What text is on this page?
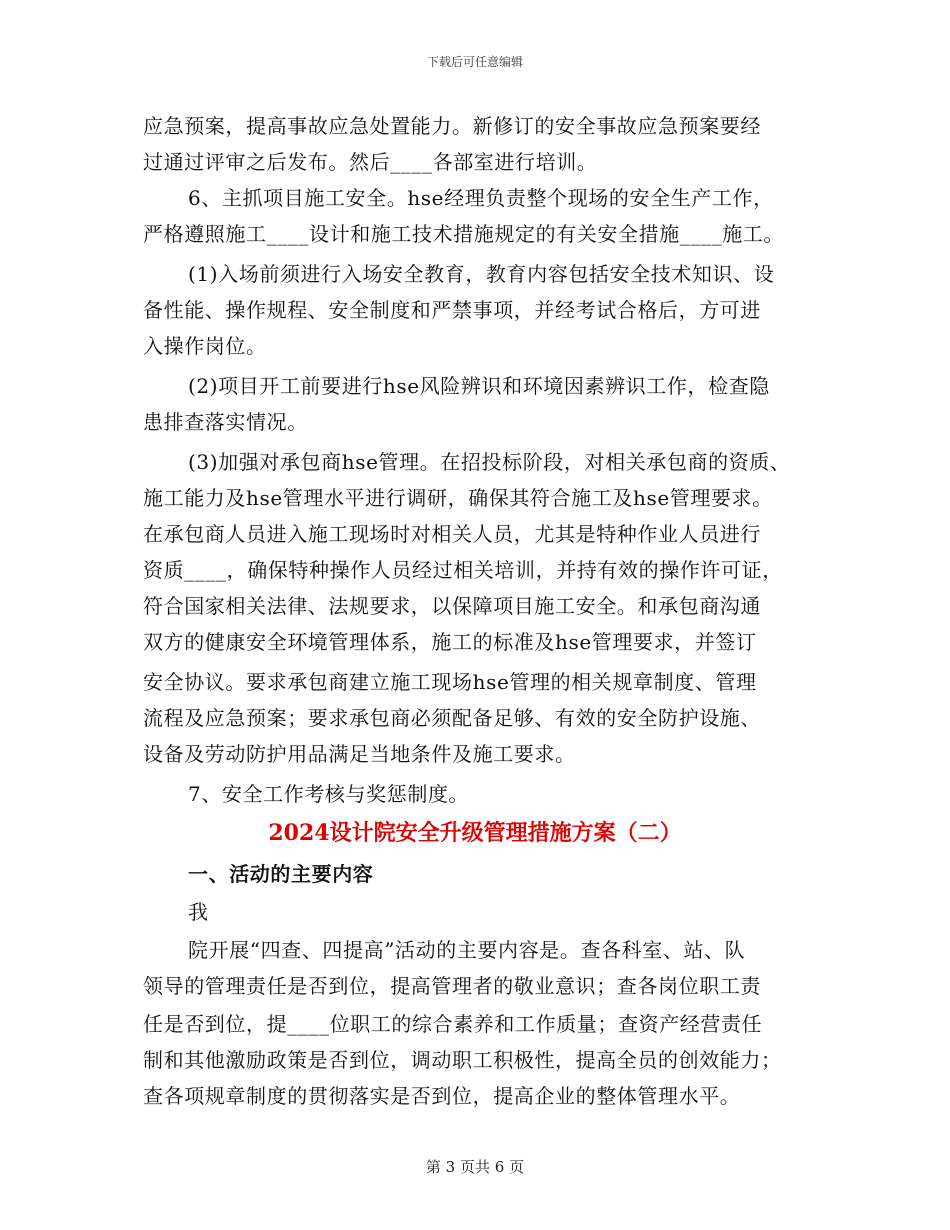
下载后可任意编辑
应急预案，提高事故应急处置能力。新修订的安全事故应急预案要经
过通过评审之后发布。然后____各部室进行培训。
6、主抓项目施工安全。hse经理负责整个现场的安全生产工作，
严格遵照施工____设计和施工技术措施规定的有关安全措施____施工。
(1)入场前须进行入场安全教育，教育内容包括安全技术知识、设
备性能、操作规程、安全制度和严禁事项，并经考试合格后，方可进
入操作岗位。
(2)项目开工前要进行hse风险辨识和环境因素辨识工作，检查隐
患排查落实情况。
(3)加强对承包商hse管理。在招投标阶段，对相关承包商的资质、
施工能力及hse管理水平进行调研，确保其符合施工及hse管理要求。
在承包商人员进入施工现场时对相关人员，尤其是特种作业人员进行
资质____，确保特种操作人员经过相关培训，并持有效的操作许可证，
符合国家相关法律、法规要求，以保障项目施工安全。和承包商沟通
双方的健康安全环境管理体系，施工的标准及hse管理要求，并签订
安全协议。要求承包商建立施工现场hse管理的相关规章制度、管理
流程及应急预案；要求承包商必须配备足够、有效的安全防护设施、
设备及劳动防护用品满足当地条件及施工要求。
7、安全工作考核与奖惩制度。
2024设计院安全升级管理措施方案（二）
一、活动的主要内容
我
院开展“四查、四提高”活动的主要内容是。查各科室、站、队
领导的管理责任是否到位，提高管理者的敬业意识；查各岗位职工责
任是否到位，提____位职工的综合素养和工作质量；查资产经营责任
制和其他激励政策是否到位，调动职工积极性，提高全员的创效能力；
查各项规章制度的贯彻落实是否到位，提高企业的整体管理水平。
第 3 页共 6 页
